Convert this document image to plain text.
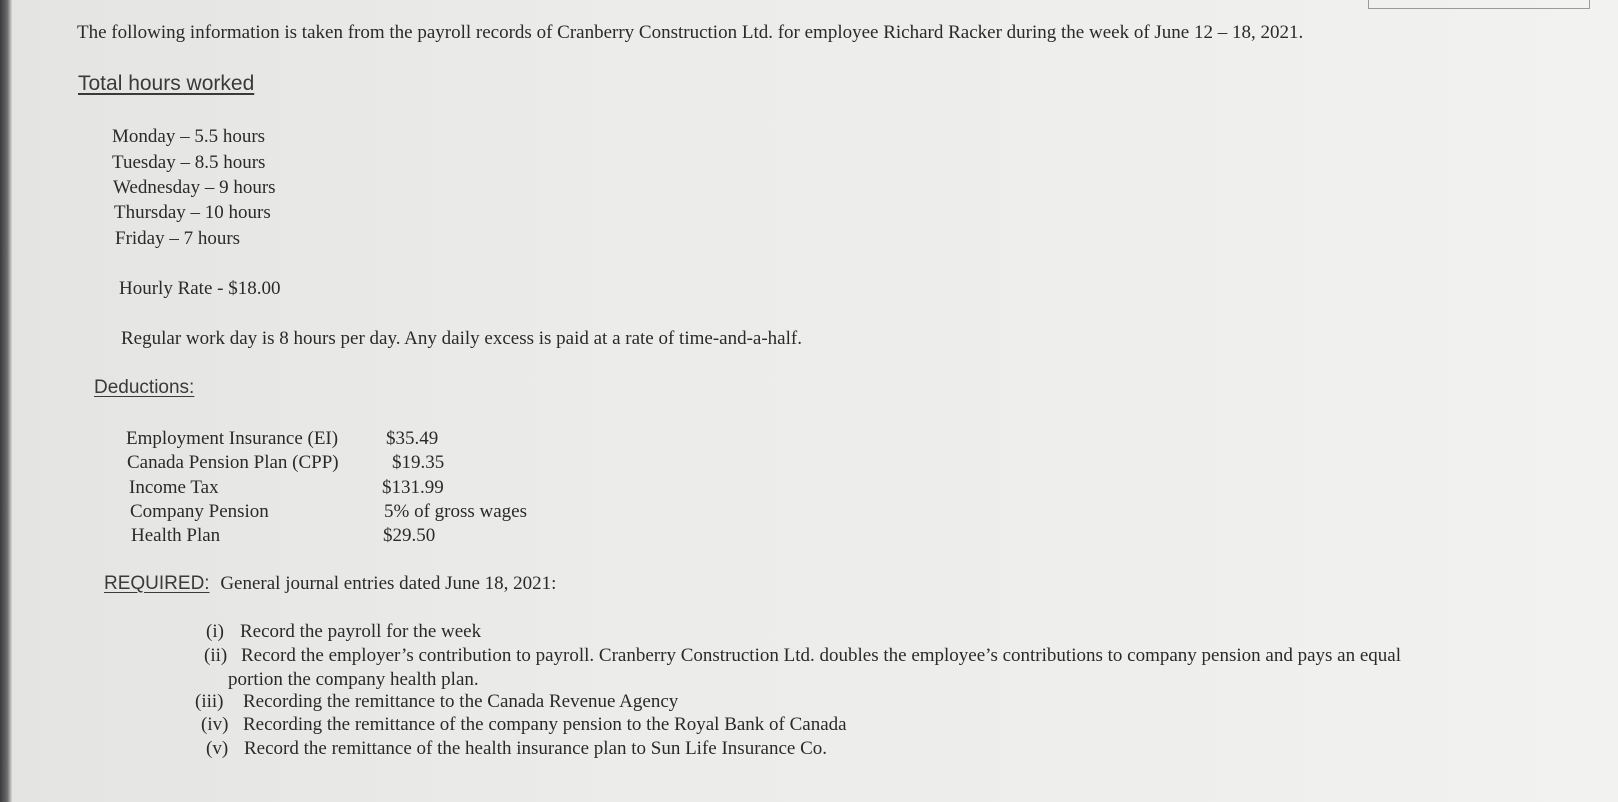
The following information is taken from the payroll records of Cranberry Construction Ltd. for employee Richard Racker during the week of June 12 – 18, 2021.
Total hours worked
Monday – 5.5 hours
Tuesday – 8.5 hours
Wednesday – 9 hours
Thursday – 10 hours
Friday – 7 hours
Hourly Rate - $18.00
Regular work day is 8 hours per day. Any daily excess is paid at a rate of time-and-a-half.
Deductions:
Employment Insurance (EI)	$35.49
Canada Pension Plan (CPP)	$19.35
Income Tax	$131.99
Company Pension	5% of gross wages
Health Plan	$29.50
REQUIRED: General journal entries dated June 18, 2021:
(i) Record the payroll for the week
(ii) Record the employer’s contribution to payroll. Cranberry Construction Ltd. doubles the employee’s contributions to company pension and pays an equal
portion the company health plan.
(iii) Recording the remittance to the Canada Revenue Agency
(iv) Recording the remittance of the company pension to the Royal Bank of Canada
(v) Record the remittance of the health insurance plan to Sun Life Insurance Co.
